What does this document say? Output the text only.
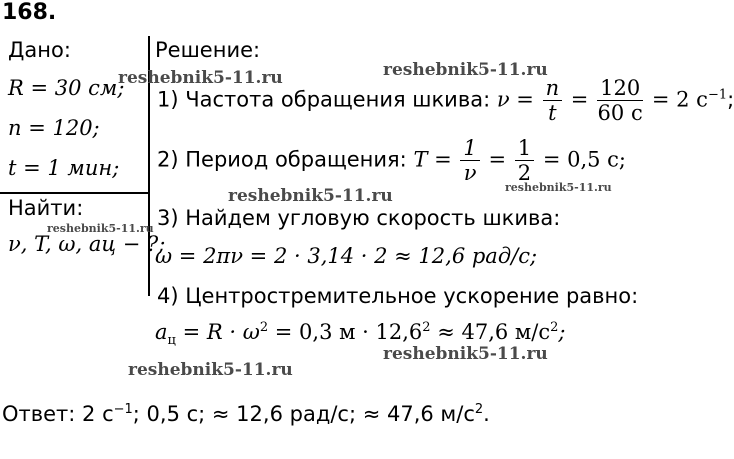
168.
Дано:
R = 30 см;
n = 120;
t = 1 мин;
Найти:
ν, T, ω, aц − ?;
Решение:
1) Частота обращения шкива: $\nu = \frac{n}{t} = \frac{120}{60 с} = 2$ $с^{-1}$;
2) Период обращения: $T = \frac{1}{\nu} = \frac{1}{2} = 0,5$ с;
3) Найдем угловую скорость шкива:
ω = 2πν = 2 · 3,14 · 2 ≈ 12,6 рад/с;
4) Центростремительное ускорение равно:
$a_ц = R \cdot \omega^2 = 0,3$ $м \cdot 12,6^2 \approx 47,6$ $м/с^2$;
Ответ: 2 $с^{-1}$; 0,5 с; ≈ 12,6 рад/с; ≈ 47,6 $м/с^2$.
reshebnik5-11.ru	reshebnik5-11.ru
reshebnik5-11.ru	reshebnik5-11.ru
reshebnik5-11.ru
reshebnik5-11.ru
reshebnik5-11.ru
